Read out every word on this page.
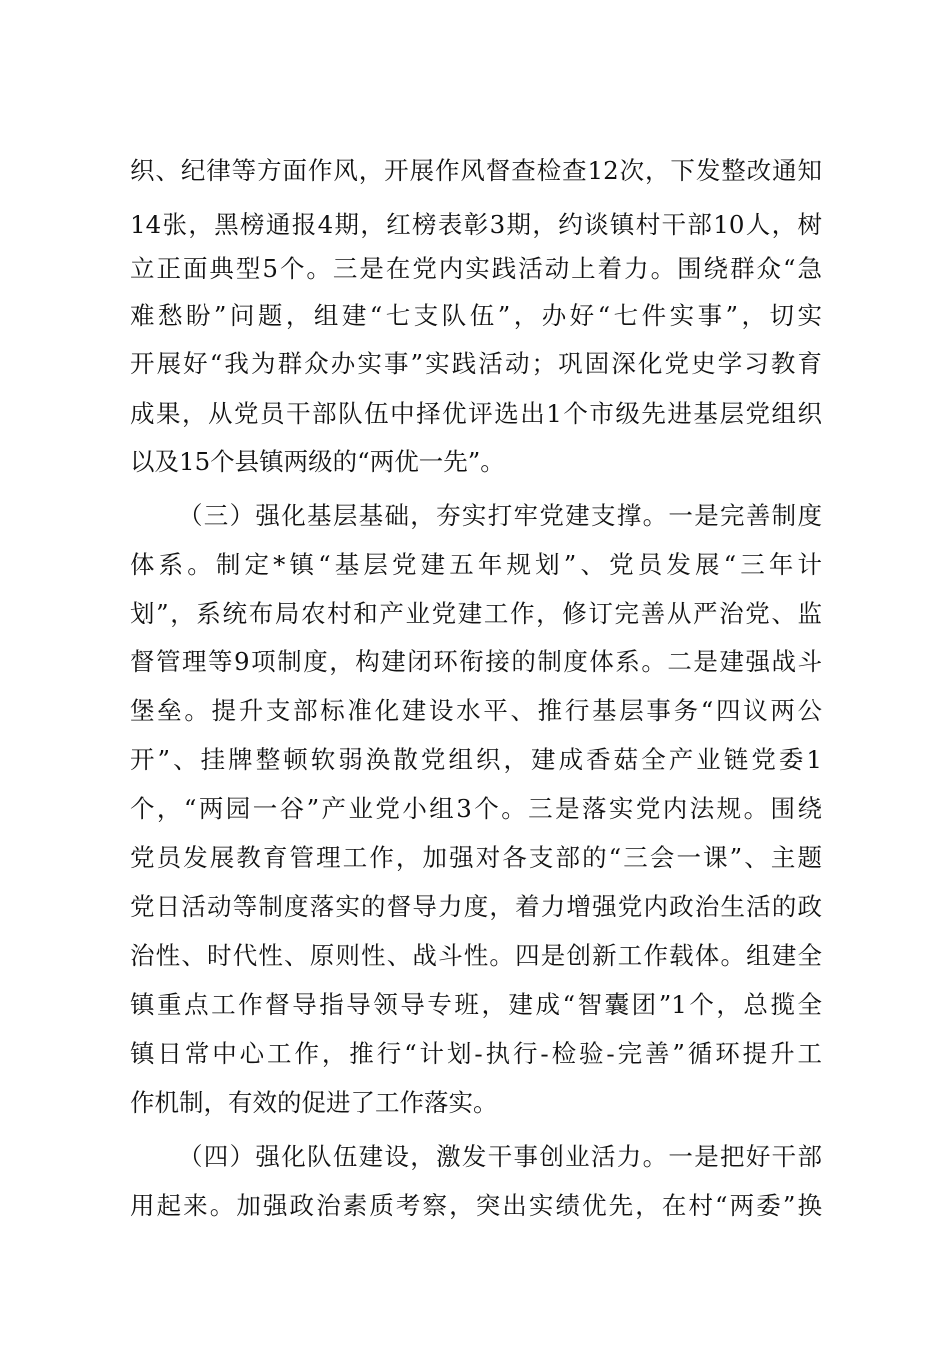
织、纪律等方面作风，开展作风督查检查12次，下发整改通知
14张，黑榜通报4期，红榜表彰3期，约谈镇村干部10人，树
立正面典型5个。三是在党内实践活动上着力。围绕群众“急
难愁盼”问题，组建“七支队伍”，办好“七件实事”，切实
开展好“我为群众办实事”实践活动；巩固深化党史学习教育
成果，从党员干部队伍中择优评选出1个市级先进基层党组织
以及15个县镇两级的“两优一先”。
（三）强化基层基础，夯实打牢党建支撑。一是完善制度
体系。制定*镇“基层党建五年规划”、党员发展“三年计
划”，系统布局农村和产业党建工作，修订完善从严治党、监
督管理等9项制度，构建闭环衔接的制度体系。二是建强战斗
堡垒。提升支部标准化建设水平、推行基层事务“四议两公
开”、挂牌整顿软弱涣散党组织，建成香菇全产业链党委1
个，“两园一谷”产业党小组3个。三是落实党内法规。围绕
党员发展教育管理工作，加强对各支部的“三会一课”、主题
党日活动等制度落实的督导力度，着力增强党内政治生活的政
治性、时代性、原则性、战斗性。四是创新工作载体。组建全
镇重点工作督导指导领导专班，建成“智囊团”1个，总揽全
镇日常中心工作，推行“计划-执行-检验-完善”循环提升工
作机制，有效的促进了工作落实。
（四）强化队伍建设，激发干事创业活力。一是把好干部
用起来。加强政治素质考察，突出实绩优先，在村“两委”换
